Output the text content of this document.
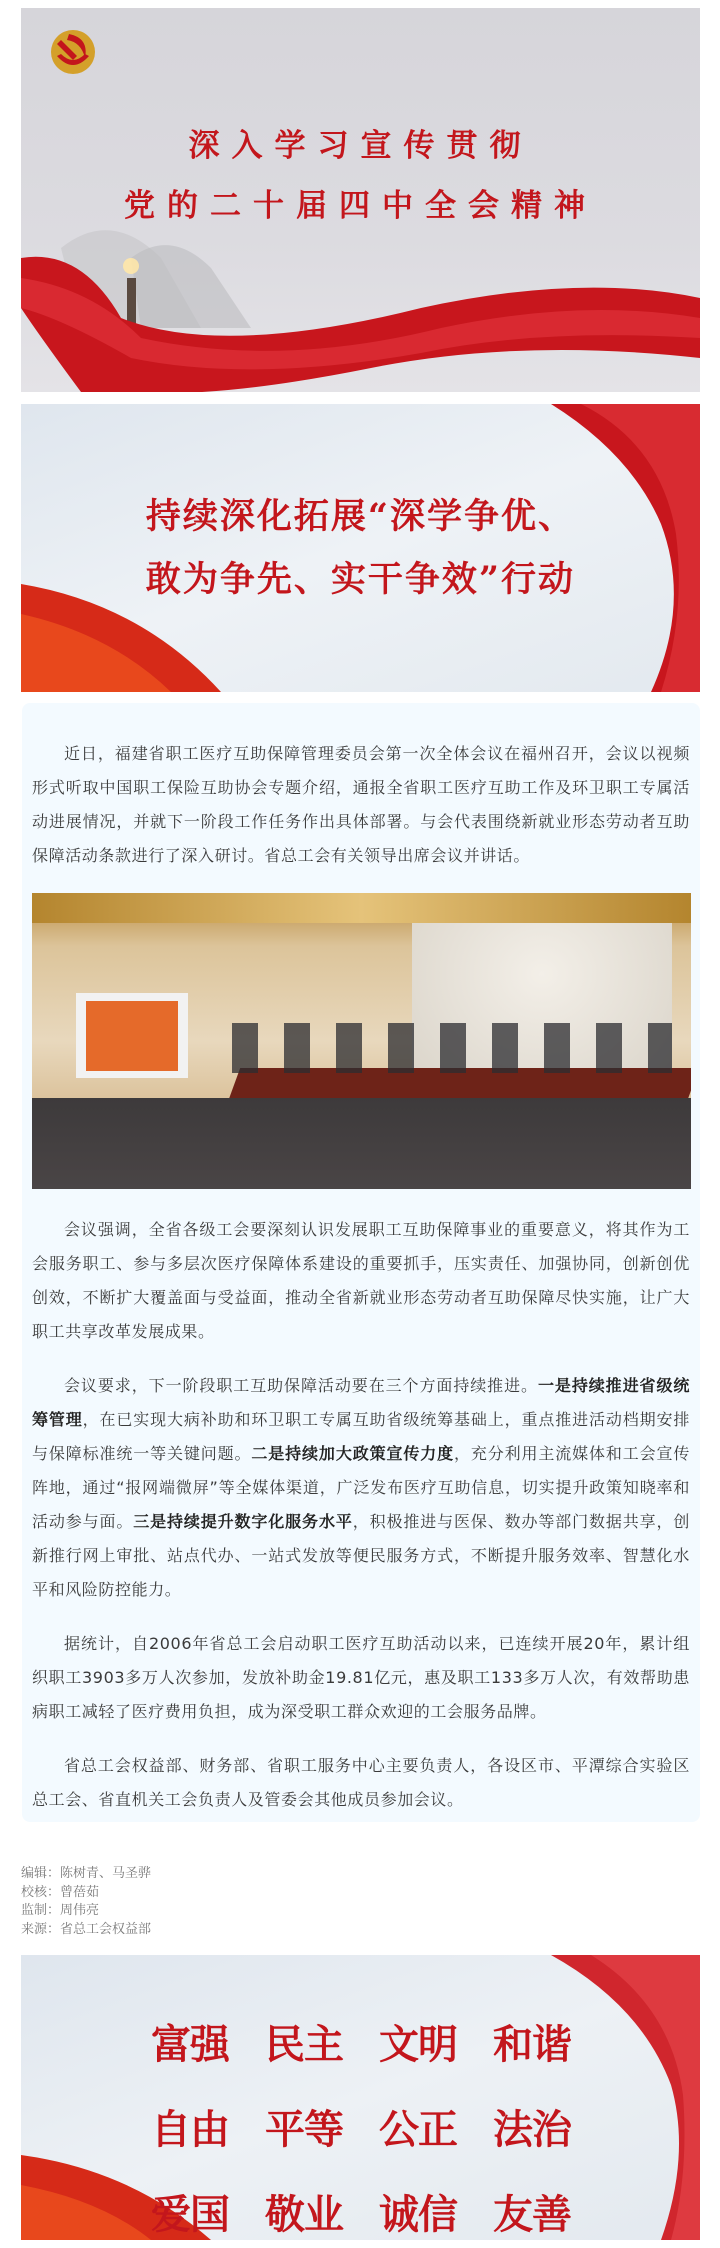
深入学习宣传贯彻
党的二十届四中全会精神
持续深化拓展“深学争优、
敢为争先、实干争效”行动

近日，福建省职工医疗互助保障管理委员会第一次全体会议在福州召开，会议以视频形式听取中国职工保险互助协会专题介绍，通报全省职工医疗互助工作及环卫职工专属活动进展情况，并就下一阶段工作任务作出具体部署。与会代表围绕新就业形态劳动者互助保障活动条款进行了深入研讨。省总工会有关领导出席会议并讲话。

会议强调，全省各级工会要深刻认识发展职工互助保障事业的重要意义，将其作为工会服务职工、参与多层次医疗保障体系建设的重要抓手，压实责任、加强协同，创新创优创效，不断扩大覆盖面与受益面，推动全省新就业形态劳动者互助保障尽快实施，让广大职工共享改革发展成果。

会议要求，下一阶段职工互助保障活动要在三个方面持续推进。一是持续推进省级统筹管理，在已实现大病补助和环卫职工专属互助省级统筹基础上，重点推进活动档期安排与保障标准统一等关键问题。二是持续加大政策宣传力度，充分利用主流媒体和工会宣传阵地，通过“报网端微屏”等全媒体渠道，广泛发布医疗互助信息，切实提升政策知晓率和活动参与面。三是持续提升数字化服务水平，积极推进与医保、数办等部门数据共享，创新推行网上审批、站点代办、一站式发放等便民服务方式，不断提升服务效率、智慧化水平和风险防控能力。

据统计，自2006年省总工会启动职工医疗互助活动以来，已连续开展20年，累计组织职工3903多万人次参加，发放补助金19.81亿元，惠及职工133多万人次，有效帮助患病职工减轻了医疗费用负担，成为深受职工群众欢迎的工会服务品牌。

省总工会权益部、财务部、省职工服务中心主要负责人，各设区市、平潭综合实验区总工会、省直机关工会负责人及管委会其他成员参加会议。

编辑：陈树青、马圣骅
校核：曾蓓茹
监制：周伟亮
来源：省总工会权益部
富强 民主 文明 和谐
自由 平等 公正 法治
爱国 敬业 诚信 友善
